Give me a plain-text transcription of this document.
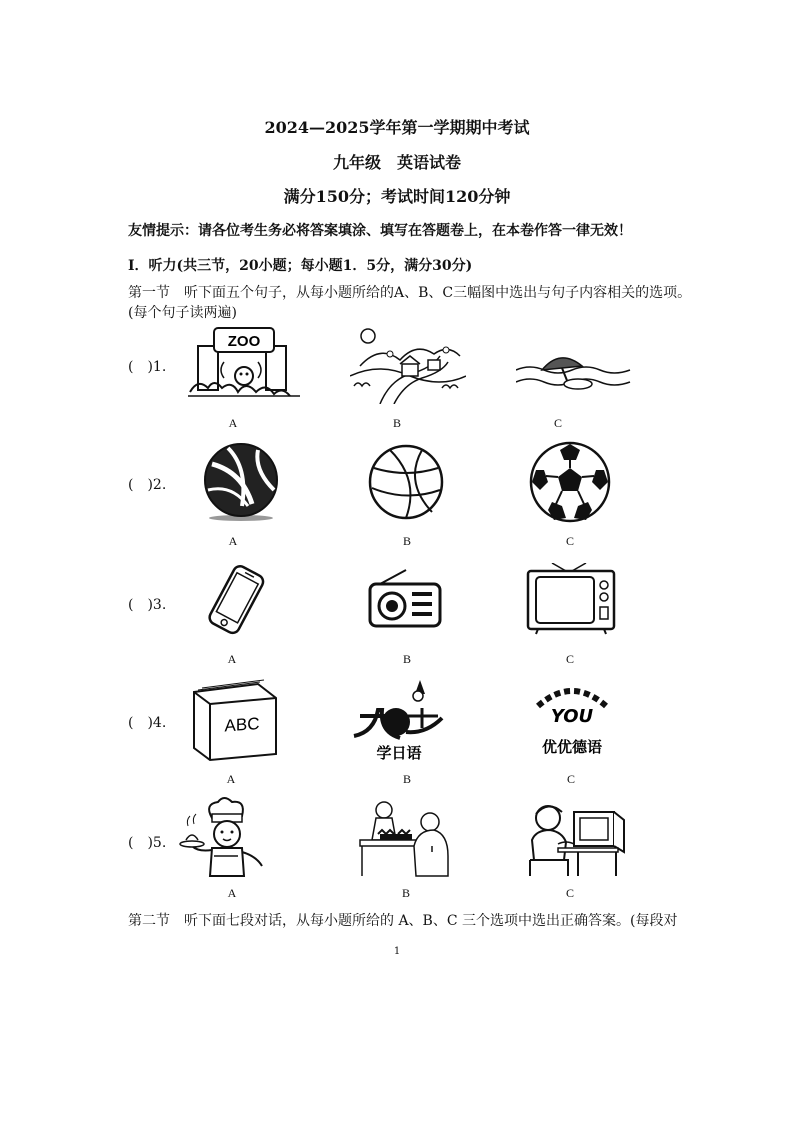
2024—2025学年第一学期期中考试
九年级　英语试卷
满分150分；考试时间120分钟
友情提示：请各位考生务必将答案填涂、填写在答题卷上，在本卷作答一律无效！
I．听力(共三节，20小题；每小题1．5分，满分30分)
第一节　听下面五个句子，从每小题所给的A、B、C三幅图中选出与句子内容相关的选项。
(每个句子读两遍)
(　)1.
ZOO
A	B	C
(　)2.
A	B	C
(　)3.
A	B	C
(　)4.	ABC
学日语
YOU
优优德语
A	B	C
(　)5.
A	B	C
第二节　听下面七段对话，从每小题所给的 A、B、C 三个选项中选出正确答案。(每段对
1
